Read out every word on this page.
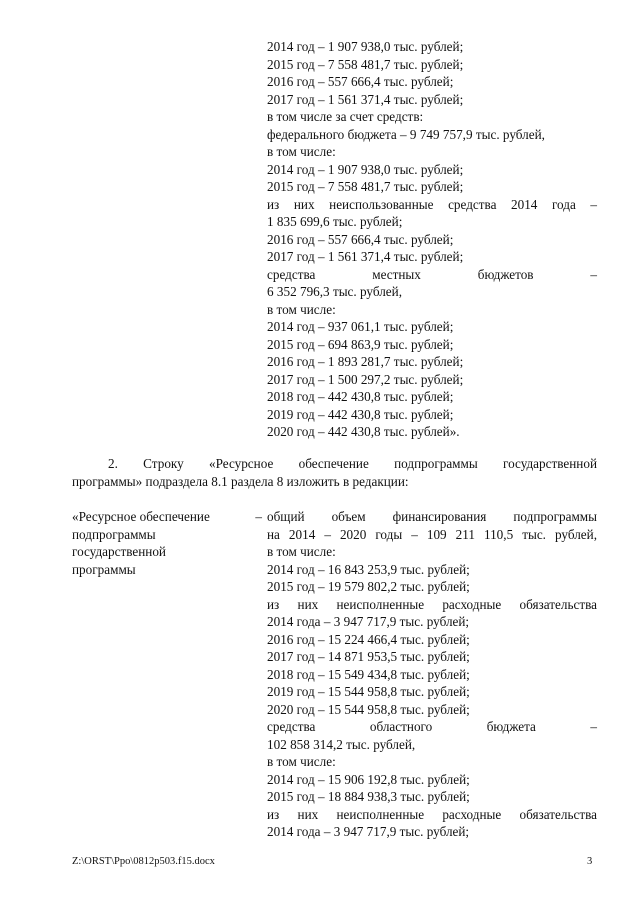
2014 год – 1 907 938,0 тыс. рублей;
2015 год – 7 558 481,7 тыс. рублей;
2016 год – 557 666,4 тыс. рублей;
2017 год – 1 561 371,4 тыс. рублей;
в том числе за счет средств:
федерального бюджета – 9 749 757,9 тыс. рублей,
в том числе:
2014 год – 1 907 938,0 тыс. рублей;
2015 год – 7 558 481,7 тыс. рублей;
из них неиспользованные средства 2014 года –
1 835 699,6 тыс. рублей;
2016 год – 557 666,4 тыс. рублей;
2017 год – 1 561 371,4 тыс. рублей;
средства местных бюджетов –
6 352 796,3 тыс. рублей,
в том числе:
2014 год – 937 061,1 тыс. рублей;
2015 год – 694 863,9 тыс. рублей;
2016 год – 1 893 281,7 тыс. рублей;
2017 год – 1 500 297,2 тыс. рублей;
2018 год – 442 430,8 тыс. рублей;
2019 год – 442 430,8 тыс. рублей;
2020 год – 442 430,8 тыс. рублей».
2. Строку «Ресурсное обеспечение подпрограммы государственной
программы» подраздела 8.1 раздела 8 изложить в редакции:
«Ресурсное обеспечение	–
подпрограммы
государственной
программы
общий объем финансирования подпрограммы
на 2014 – 2020 годы – 109 211 110,5 тыс. рублей,
в том числе:
2014 год – 16 843 253,9 тыс. рублей;
2015 год – 19 579 802,2 тыс. рублей;
из них неисполненные расходные обязательства
2014 года – 3 947 717,9 тыс. рублей;
2016 год – 15 224 466,4 тыс. рублей;
2017 год – 14 871 953,5 тыс. рублей;
2018 год – 15 549 434,8 тыс. рублей;
2019 год – 15 544 958,8 тыс. рублей;
2020 год – 15 544 958,8 тыс. рублей;
средства областного бюджета –
102 858 314,2 тыс. рублей,
в том числе:
2014 год – 15 906 192,8 тыс. рублей;
2015 год – 18 884 938,3 тыс. рублей;
из них неисполненные расходные обязательства
2014 года – 3 947 717,9 тыс. рублей;
Z:\ORST\Ppo\0812p503.f15.docx	3
